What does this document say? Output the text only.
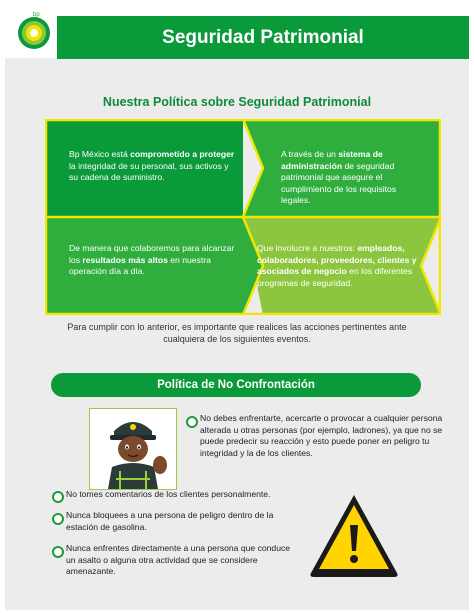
bp
Seguridad Patrimonial
Nuestra Política sobre Seguridad Patrimonial
Bp México está comprometido a proteger la integridad de su personal, sus activos y su cadena de suministro.
A través de un sistema de administración de seguridad patrimonial que asegure el cumplimiento de los requisitos legales.
De manera que colaboremos para alcanzar los resultados más altos en nuestra operación día a día.
Que involucre a nuestros: empleados, colaboradores, proveedores, clientes y asociados de negocio en los diferentes programas de seguridad.
Para cumplir con lo anterior, es importante que realices las acciones pertinentes ante cualquiera de los siguientes eventos.
Política de No Confrontación
No debes enfrentarte, acercarte o provocar a cualquier persona alterada u otras personas (por ejemplo, ladrones), ya que no se puede predecir su reacción y esto puede poner en peligro tu integridad y la de los clientes.
No tomes comentarios de los clientes personalmente.
Nunca bloquees a una persona de peligro dentro de la estación de gasolina.
Nunca enfrentes directamente a una persona que conduce un asalto o alguna otra actividad que se considere amenazante.
